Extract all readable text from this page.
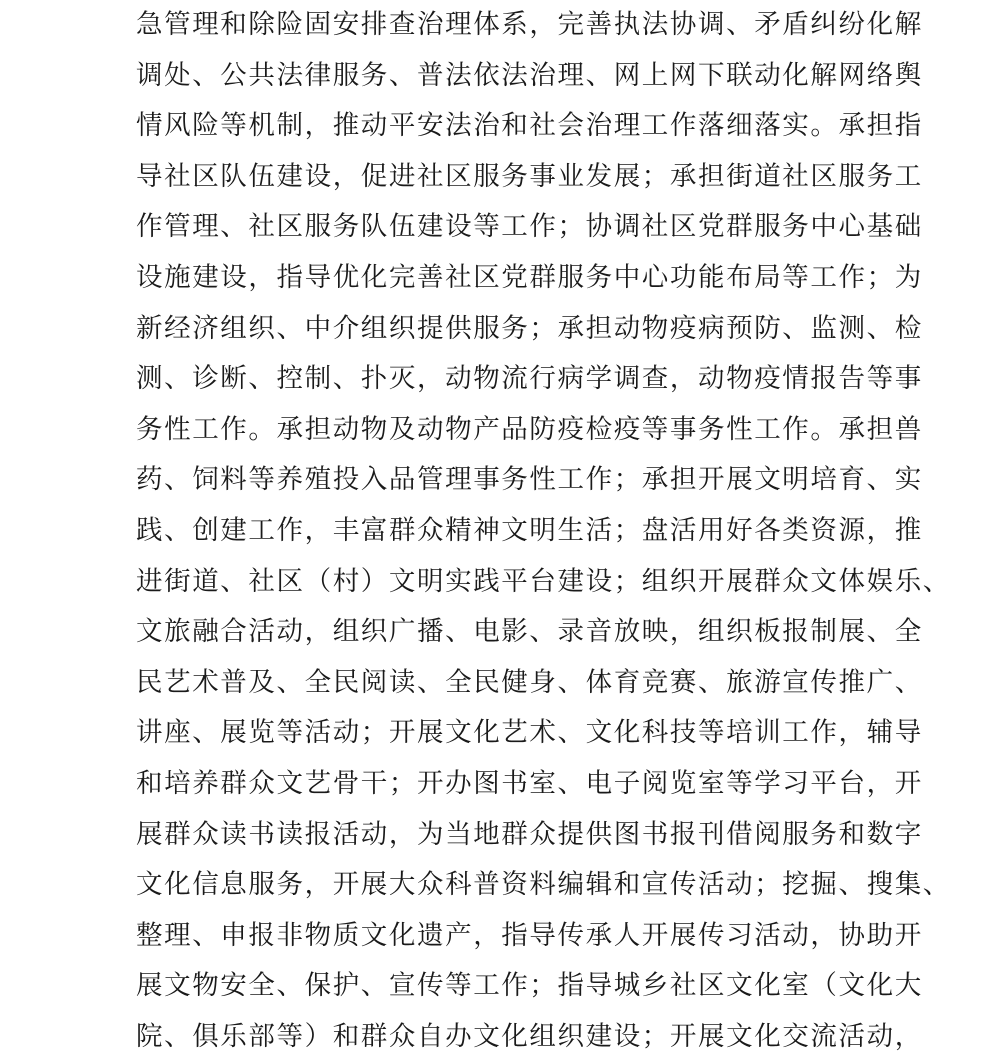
急管理和除险固安排查治理体系，完善执法协调、矛盾纠纷化解
调处、公共法律服务、普法依法治理、网上网下联动化解网络舆
情风险等机制，推动平安法治和社会治理工作落细落实。承担指
导社区队伍建设，促进社区服务事业发展；承担街道社区服务工
作管理、社区服务队伍建设等工作；协调社区党群服务中心基础
设施建设，指导优化完善社区党群服务中心功能布局等工作；为
新经济组织、中介组织提供服务；承担动物疫病预防、监测、检
测、诊断、控制、扑灭，动物流行病学调查，动物疫情报告等事
务性工作。承担动物及动物产品防疫检疫等事务性工作。承担兽
药、饲料等养殖投入品管理事务性工作；承担开展文明培育、实
践、创建工作，丰富群众精神文明生活；盘活用好各类资源，推
进街道、社区（村）文明实践平台建设；组织开展群众文体娱乐、
文旅融合活动，组织广播、电影、录音放映，组织板报制展、全
民艺术普及、全民阅读、全民健身、体育竞赛、旅游宣传推广、
讲座、展览等活动；开展文化艺术、文化科技等培训工作，辅导
和培养群众文艺骨干；开办图书室、电子阅览室等学习平台，开
展群众读书读报活动，为当地群众提供图书报刊借阅服务和数字
文化信息服务，开展大众科普资料编辑和宣传活动；挖掘、搜集、
整理、申报非物质文化遗产，指导传承人开展传习活动，协助开
展文物安全、保护、宣传等工作；指导城乡社区文化室（文化大
院、俱乐部等）和群众自办文化组织建设；开展文化交流活动，
